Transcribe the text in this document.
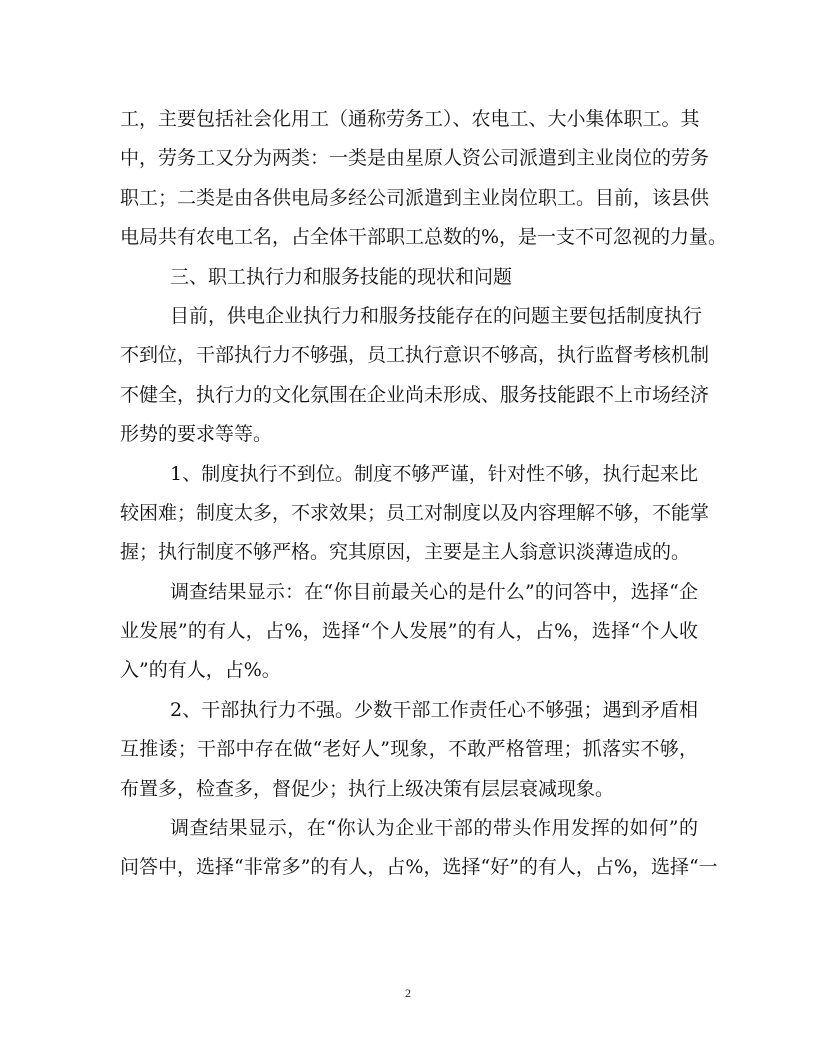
工，主要包括社会化用工（通称劳务工）、农电工、大小集体职工。其
中，劳务工又分为两类：一类是由星原人资公司派遣到主业岗位的劳务
职工；二类是由各供电局多经公司派遣到主业岗位职工。目前，该县供
电局共有农电工名，占全体干部职工总数的%，是一支不可忽视的力量。
三、职工执行力和服务技能的现状和问题
目前，供电企业执行力和服务技能存在的问题主要包括制度执行
不到位，干部执行力不够强，员工执行意识不够高，执行监督考核机制
不健全，执行力的文化氛围在企业尚未形成、服务技能跟不上市场经济
形势的要求等等。
1、制度执行不到位。制度不够严谨，针对性不够，执行起来比
较困难；制度太多，不求效果；员工对制度以及内容理解不够，不能掌
握；执行制度不够严格。究其原因，主要是主人翁意识淡薄造成的。
调查结果显示：在“你目前最关心的是什么”的问答中，选择“企
业发展”的有人，占%，选择“个人发展”的有人，占%，选择“个人收
入”的有人，占%。
2、干部执行力不强。少数干部工作责任心不够强；遇到矛盾相
互推诿；干部中存在做“老好人”现象，不敢严格管理；抓落实不够，
布置多，检查多，督促少；执行上级决策有层层衰减现象。
调查结果显示，在“你认为企业干部的带头作用发挥的如何”的
问答中，选择“非常多”的有人，占%，选择“好”的有人，占%，选择“一
2
